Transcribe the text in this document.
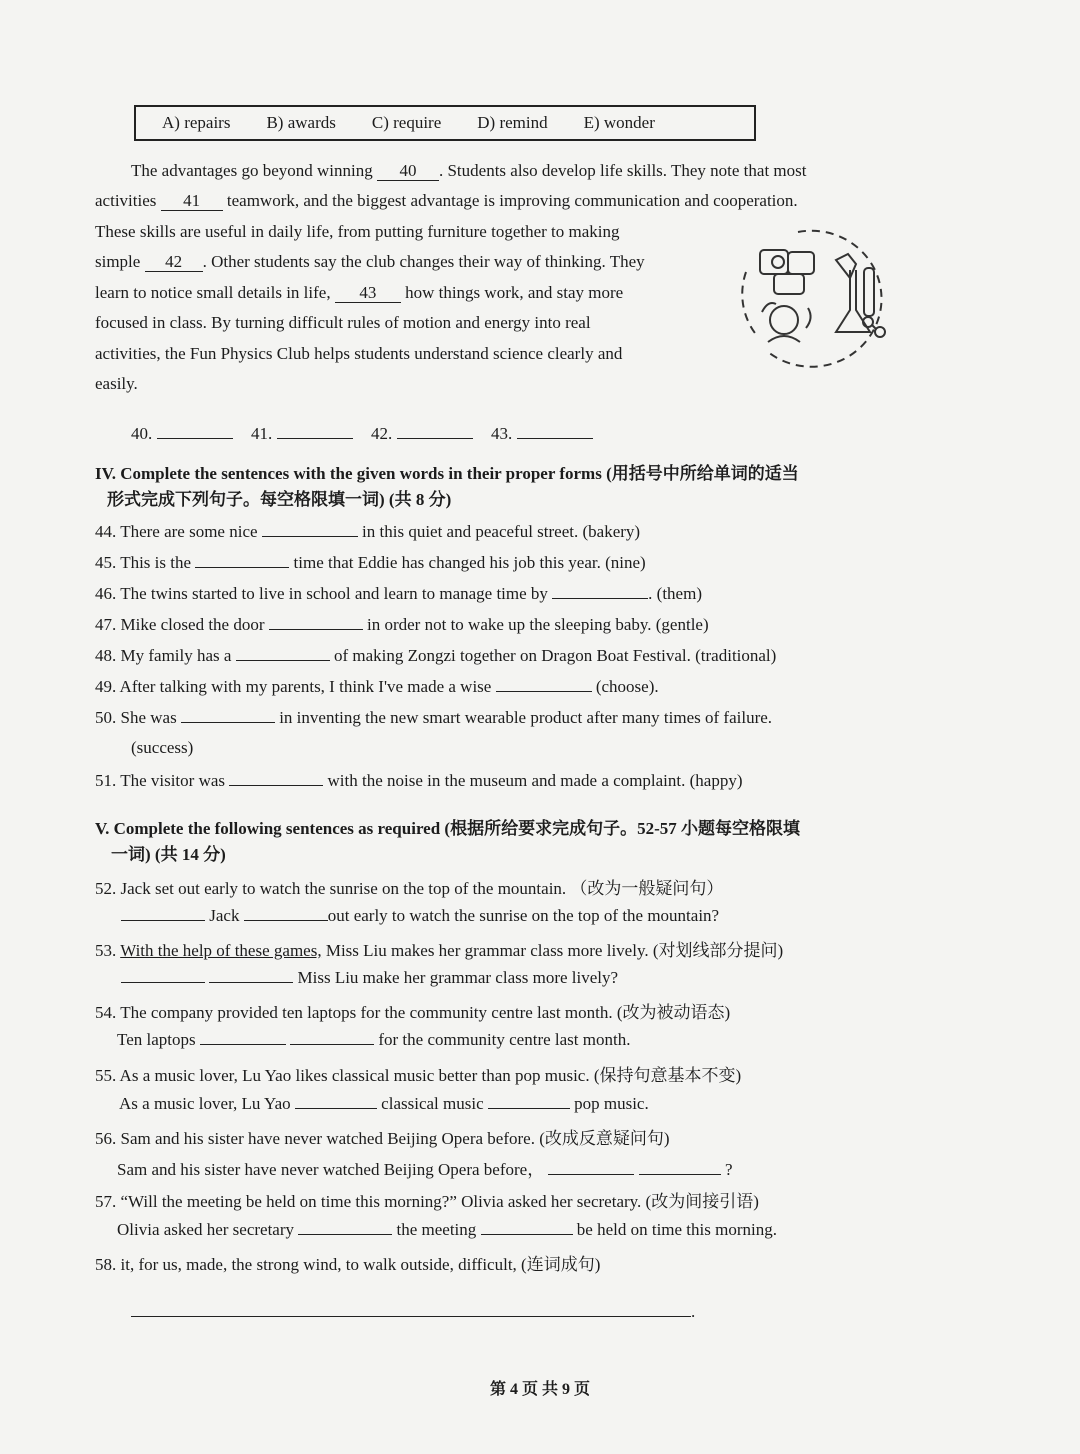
A) repairs B) awards C) require D) remind E) wonder
The advantages go beyond winning 40 . Students also develop life skills. They note that most
activities 41 teamwork, and the biggest advantage is improving communication and cooperation.
These skills are useful in daily life, from putting furniture together to making
simple 42 . Other students say the club changes their way of thinking. They
learn to notice small details in life, 43 how things work, and stay more
focused in class. By turning difficult rules of motion and energy into real
activities, the Fun Physics Club helps students understand science clearly and
easily.
40.	41.	42.	43.
IV. Complete the sentences with the given words in their proper forms (用括号中所给单词的适当
形式完成下列句子。每空格限填一词) (共 8 分)
44. There are some nice	in this quiet and peaceful street. (bakery)
45. This is the	time that Eddie has changed his job this year. (nine)
46. The twins started to live in school and learn to manage time by	. (them)
47. Mike closed the door	in order not to wake up the sleeping baby. (gentle)
48. My family has a	of making Zongzi together on Dragon Boat Festival. (traditional)
49. After talking with my parents, I think I've made a wise	(choose).
50. She was	in inventing the new smart wearable product after many times of failure.
(success)
51. The visitor was	with the noise in the museum and made a complaint. (happy)
V. Complete the following sentences as required (根据所给要求完成句子。52-57 小题每空格限填
一词) (共 14 分)
52. Jack set out early to watch the sunrise on the top of the mountain. （改为一般疑问句）
Jack	out early to watch the sunrise on the top of the mountain?
53. With the help of these games, Miss Liu makes her grammar class more lively. (对划线部分提问)
Miss Liu make her grammar class more lively?
54. The company provided ten laptops for the community centre last month. (改为被动语态)
Ten laptops	for the community centre last month.
55. As a music lover, Lu Yao likes classical music better than pop music. (保持句意基本不变)
As a music lover, Lu Yao	classical music	pop music.
56. Sam and his sister have never watched Beijing Opera before. (改成反意疑问句)
Sam and his sister have never watched Beijing Opera before，	?
57. “Will the meeting be held on time this morning?” Olivia asked her secretary. (改为间接引语)
Olivia asked her secretary	the meeting	be held on time this morning.
58. it, for us, made, the strong wind, to walk outside, difficult, (连词成句)
.
第 4 页 共 9 页
